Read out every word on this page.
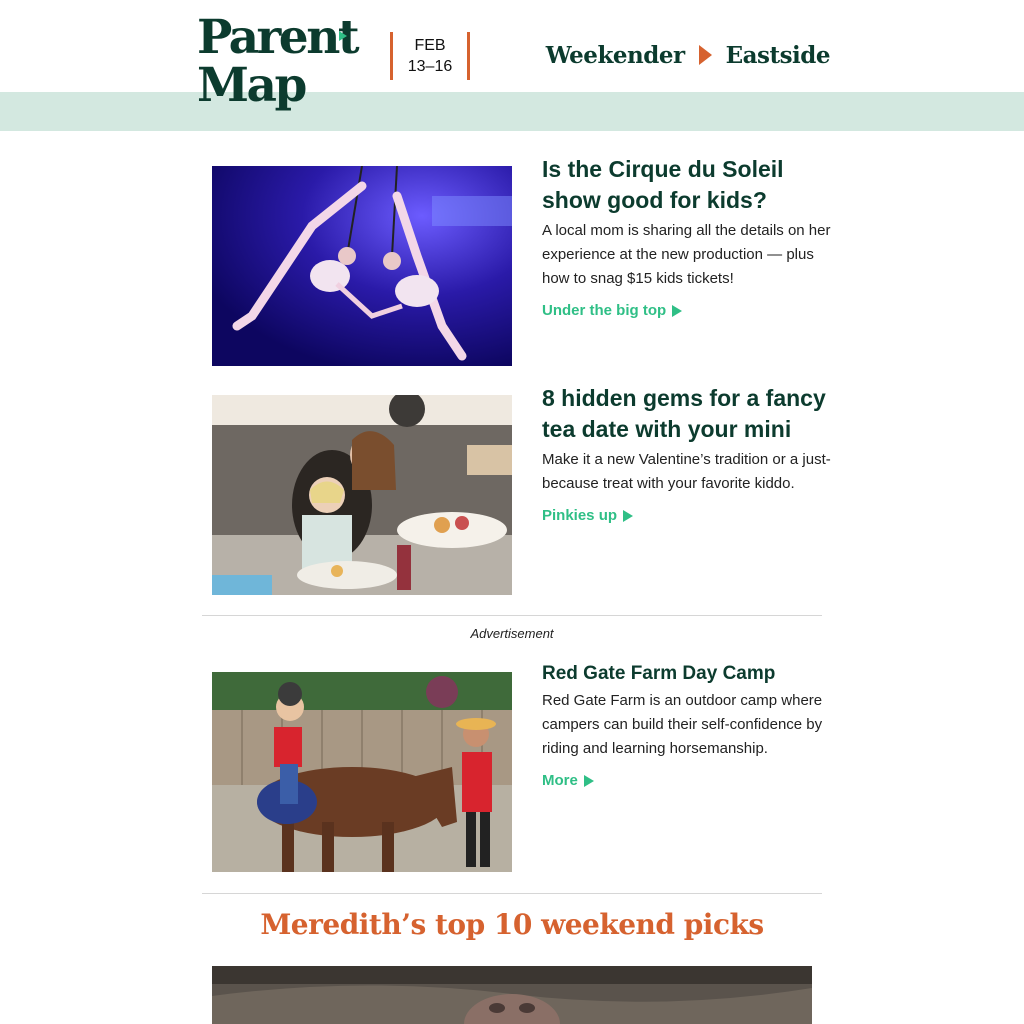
Parent
Map
FEB
13–16	Weekender Eastside
Is the Cirque du Soleil show good for kids?
A local mom is sharing all the details on her experience at the new production — plus how to snag $15 kids tickets!
Under the big top
8 hidden gems for a fancy tea date with your mini
Make it a new Valentine’s tradition or a just-because treat with your favorite kiddo.
Pinkies up
Advertisement
Red Gate Farm Day Camp
Red Gate Farm is an outdoor camp where campers can build their self-confidence by riding and learning horsemanship.
More
Meredith’s top 10 weekend picks
